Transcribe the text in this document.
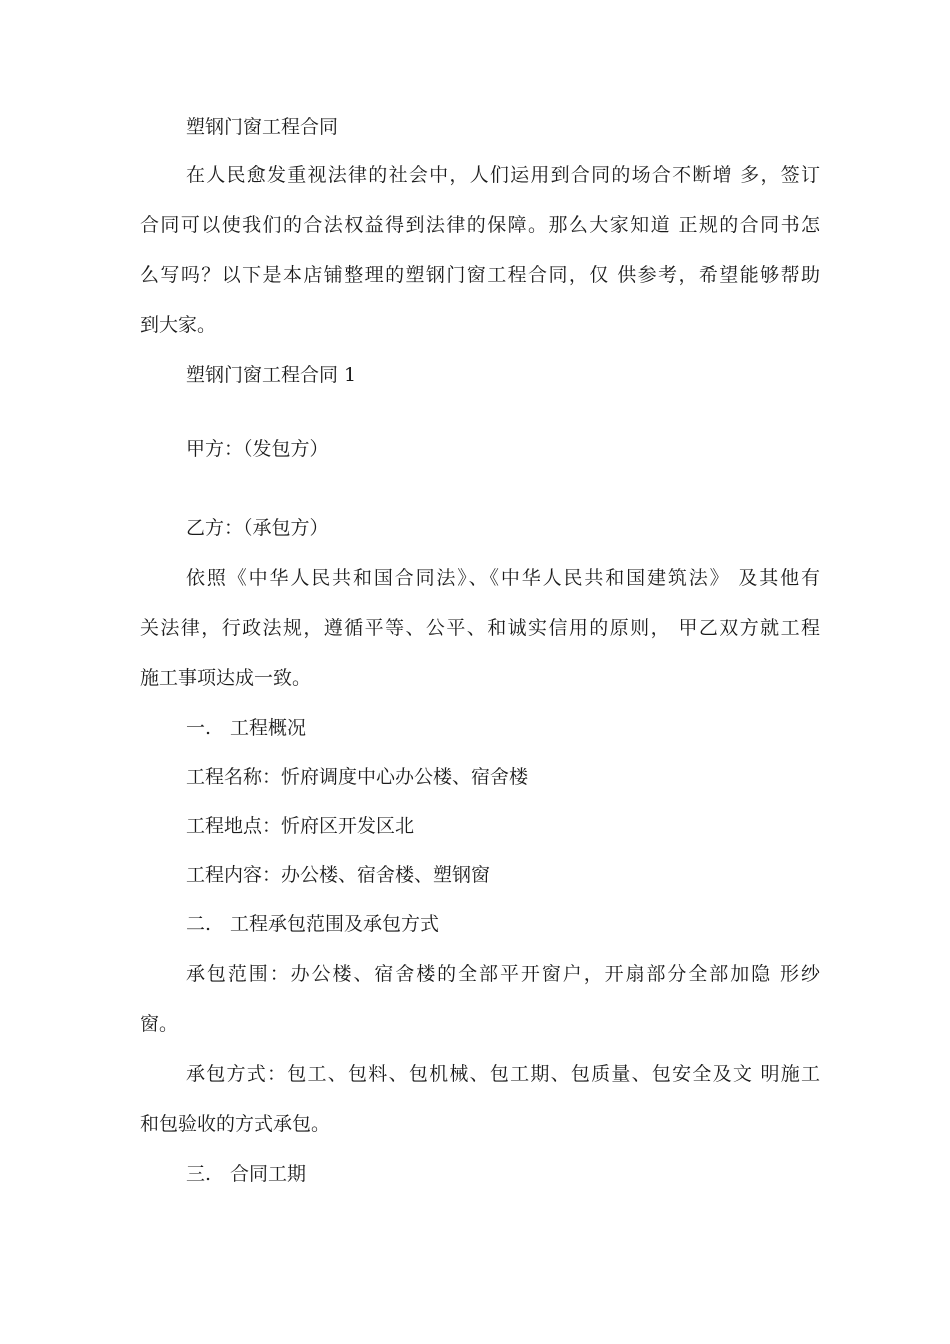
塑钢门窗工程合同
在人民愈发重视法律的社会中，人们运用到合同的场合不断增 多，签订
合同可以使我们的合法权益得到法律的保障。那么大家知道 正规的合同书怎
么写吗？以下是本店铺整理的塑钢门窗工程合同，仅 供参考，希望能够帮助
到大家。
塑钢门窗工程合同 1
甲方：（发包方）
乙方：（承包方）
依照《中华人民共和国合同法》、《中华人民共和国建筑法》 及其他有
关法律，行政法规，遵循平等、公平、和诚实信用的原则， 甲乙双方就工程
施工事项达成一致。
一.　工程概况
工程名称：忻府调度中心办公楼、宿舍楼
工程地点：忻府区开发区北
工程内容：办公楼、宿舍楼、塑钢窗
二.　工程承包范围及承包方式
承包范围：办公楼、宿舍楼的全部平开窗户，开扇部分全部加隐 形纱
窗。
承包方式：包工、包料、包机械、包工期、包质量、包安全及文 明施工
和包验收的方式承包。
三.　合同工期
